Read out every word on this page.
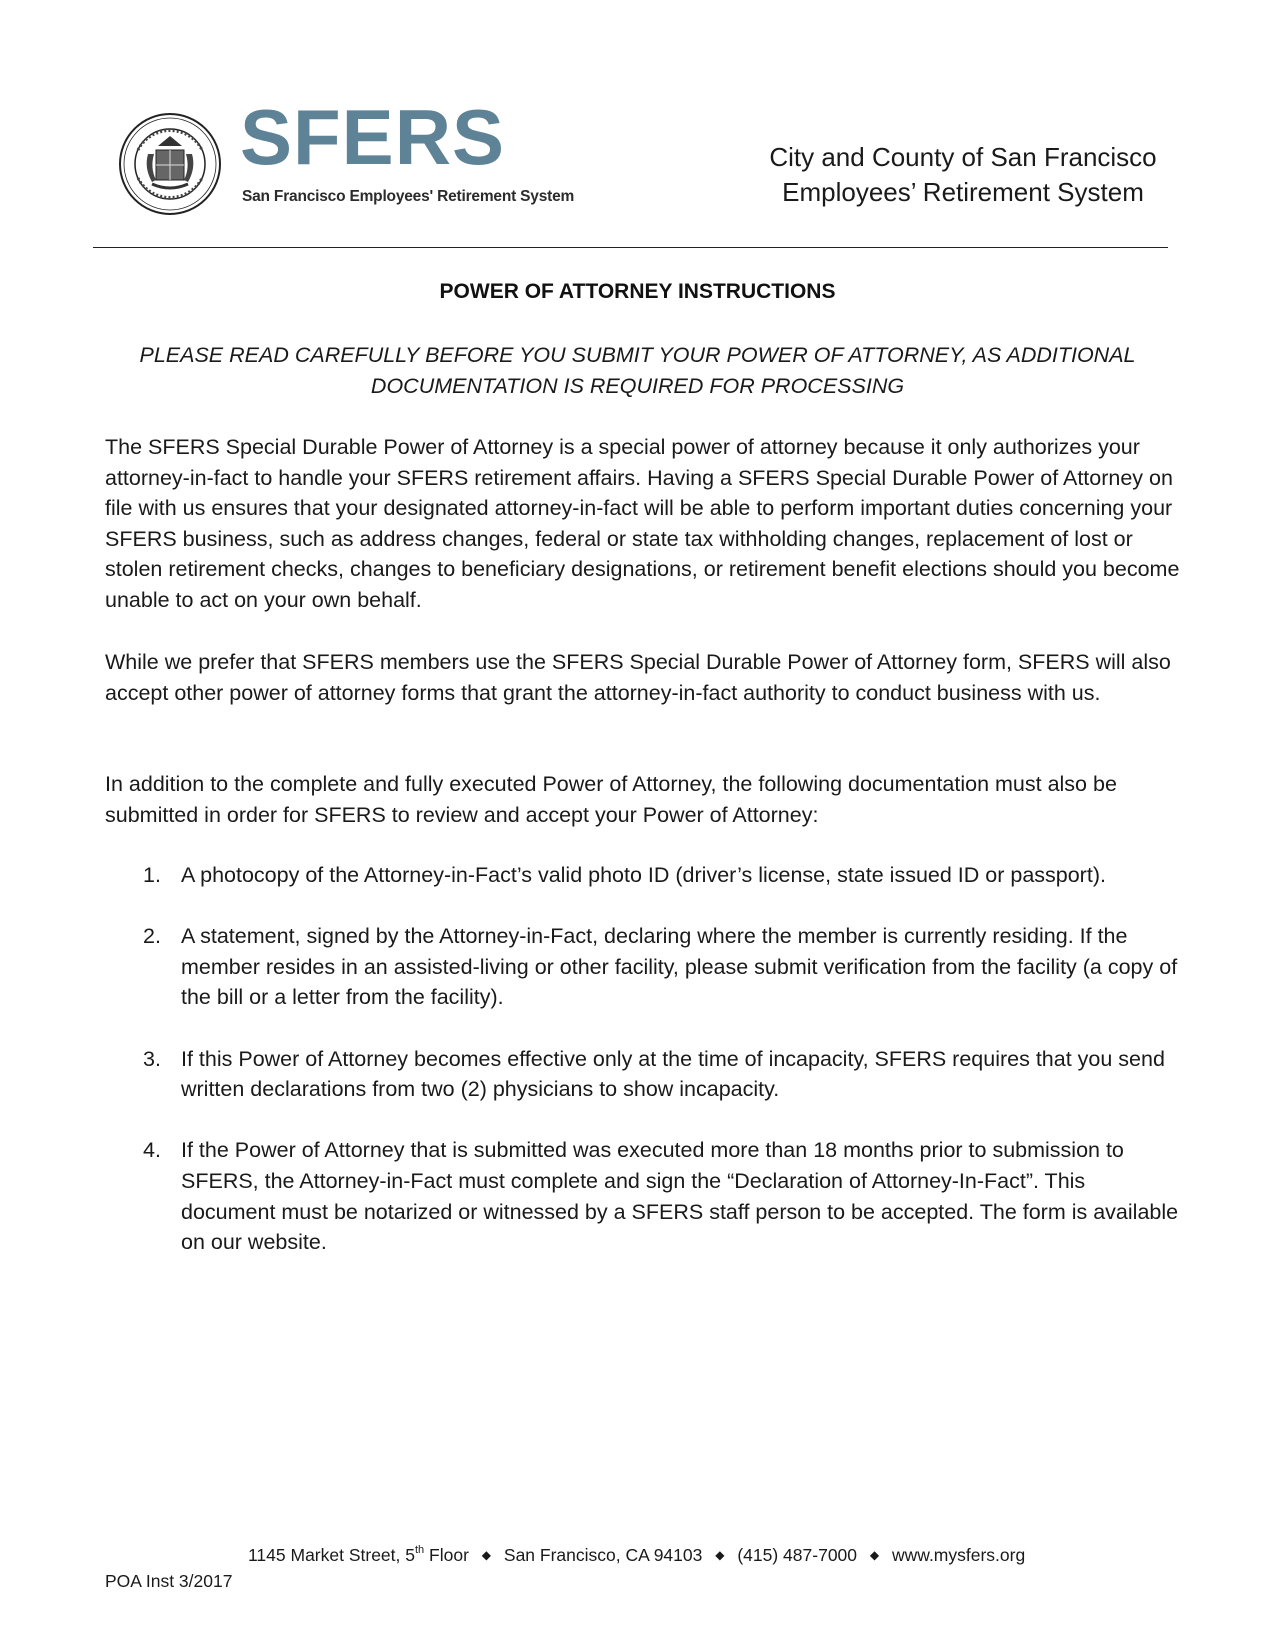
SFERS
San Francisco Employees' Retirement System
City and County of San Francisco
Employees’ Retirement System
POWER OF ATTORNEY INSTRUCTIONS
PLEASE READ CAREFULLY BEFORE YOU SUBMIT YOUR POWER OF ATTORNEY, AS ADDITIONAL DOCUMENTATION IS REQUIRED FOR PROCESSING
The SFERS Special Durable Power of Attorney is a special power of attorney because it only authorizes your attorney-in-fact to handle your SFERS retirement affairs. Having a SFERS Special Durable Power of Attorney on file with us ensures that your designated attorney-in-fact will be able to perform important duties concerning your SFERS business, such as address changes, federal or state tax withholding changes, replacement of lost or stolen retirement checks, changes to beneficiary designations, or retirement benefit elections should you become unable to act on your own behalf.
While we prefer that SFERS members use the SFERS Special Durable Power of Attorney form, SFERS will also accept other power of attorney forms that grant the attorney-in-fact authority to conduct business with us.
In addition to the complete and fully executed Power of Attorney, the following documentation must also be submitted in order for SFERS to review and accept your Power of Attorney:
1. A photocopy of the Attorney-in-Fact’s valid photo ID (driver’s license, state issued ID or passport).
2. A statement, signed by the Attorney-in-Fact, declaring where the member is currently residing. If the member resides in an assisted-living or other facility, please submit verification from the facility (a copy of the bill or a letter from the facility).
3. If this Power of Attorney becomes effective only at the time of incapacity, SFERS requires that you send written declarations from two (2) physicians to show incapacity.
4. If the Power of Attorney that is submitted was executed more than 18 months prior to submission to SFERS, the Attorney-in-Fact must complete and sign the “Declaration of Attorney-In-Fact”. This document must be notarized or witnessed by a SFERS staff person to be accepted. The form is available on our website.
1145 Market Street, 5th Floor ◆ San Francisco, CA 94103 ◆ (415) 487-7000 ◆ www.mysfers.org
POA Inst 3/2017
